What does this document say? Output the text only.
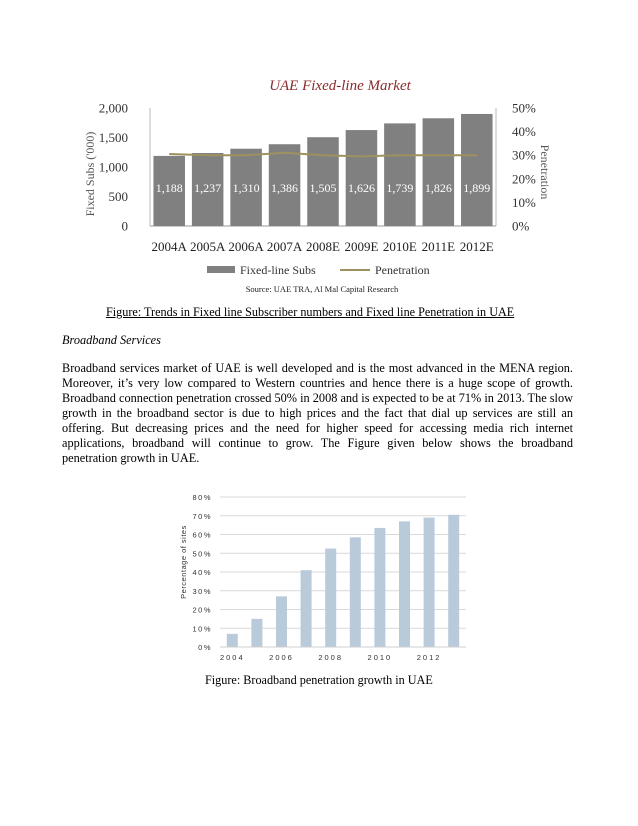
UAE Fixed-line Market
1,188 1,237 1,310 1,386 1,505 1,626 1,739 1,826 1,899
0
500
1,000
1,500
2,000
0%
10%
20%
30%
40%
50%
2004A 2005A 2006A 2007A 2008E 2009E 2010E 2011E 2012E
Fixed Subs ('000)	Penetration
Fixed-line Subs	Penetration
Source: UAE TRA, Al Mal Capital Research
Figure: Trends in Fixed line Subscriber numbers and Fixed line Penetration in UAE
Broadband Services
Broadband services market of UAE is well developed and is the most advanced in the MENA region. Moreover, it’s very low compared to Western countries and hence there is a huge scope of growth. Broadband connection penetration crossed 50% in 2008 and is expected to be at 71% in 2013. The slow growth in the broadband sector is due to high prices and the fact that dial up services are still an offering. But decreasing prices and the need for higher speed for accessing media rich internet applications, broadband will continue to grow. The Figure given below shows the broadband penetration growth in UAE.
0%
10%
20%
30%
40%
50%
60%
70%
80%
2004	2006	2008	2010	2012
Percentage of sites
Figure: Broadband penetration growth in UAE
